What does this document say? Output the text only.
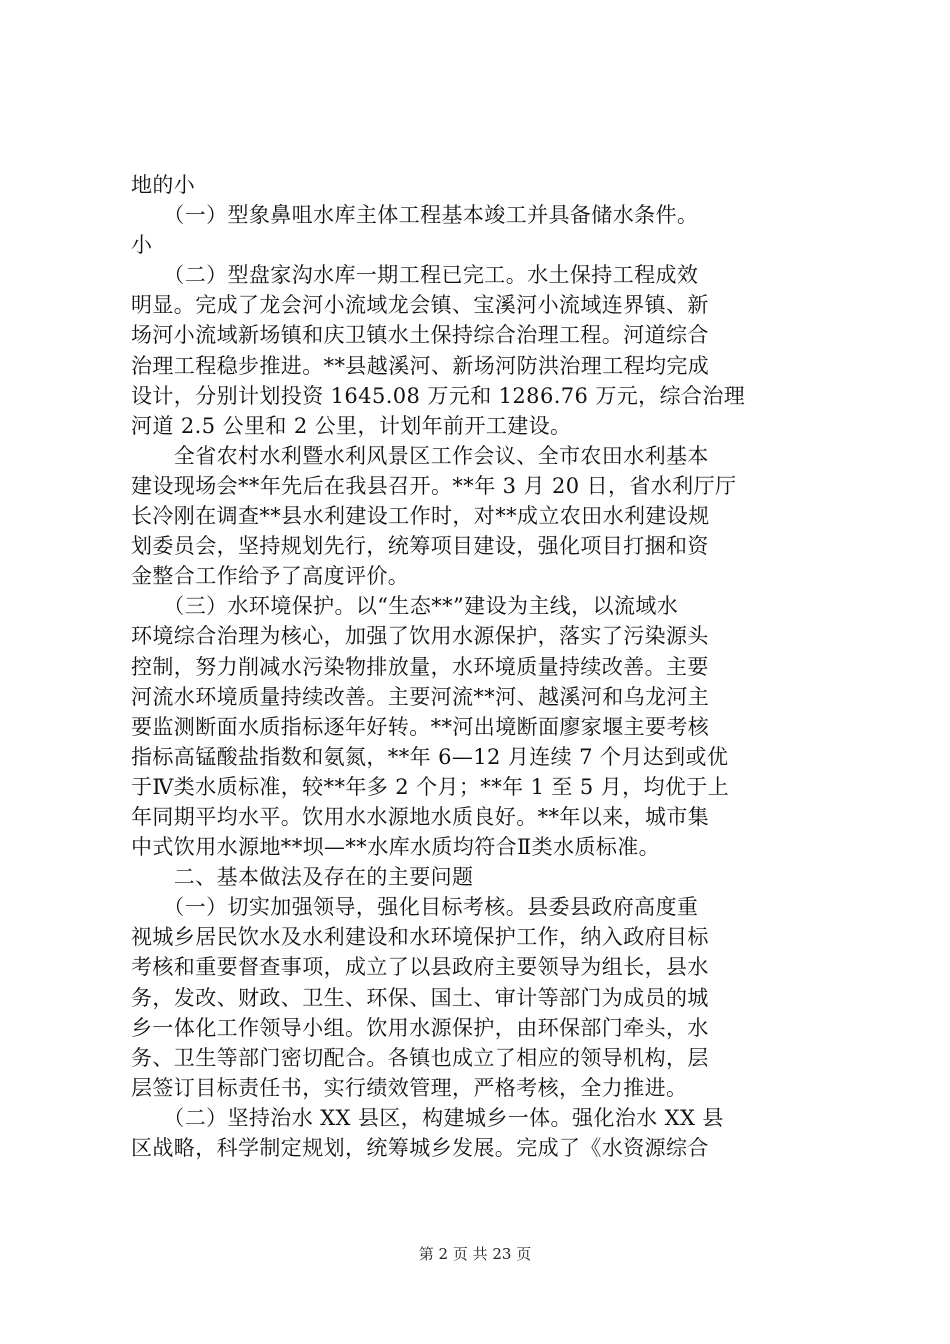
地的小
　　（一）型象鼻咀水库主体工程基本竣工并具备储水条件。
小
　　（二）型盘家沟水库一期工程已完工。水土保持工程成效
明显。完成了龙会河小流域龙会镇、宝溪河小流域连界镇、新
场河小流域新场镇和庆卫镇水土保持综合治理工程。河道综合
治理工程稳步推进。**县越溪河、新场河防洪治理工程均完成
设计，分别计划投资 1645.08 万元和 1286.76 万元，综合治理
河道 2.5 公里和 2 公里，计划年前开工建设。
　　全省农村水利暨水利风景区工作会议、全市农田水利基本
建设现场会**年先后在我县召开。**年 3 月 20 日，省水利厅厅
长冷刚在调查**县水利建设工作时，对**成立农田水利建设规
划委员会，坚持规划先行，统筹项目建设，强化项目打捆和资
金整合工作给予了高度评价。
　　（三）水环境保护。以“生态**”建设为主线，以流域水
环境综合治理为核心，加强了饮用水源保护，落实了污染源头
控制，努力削减水污染物排放量，水环境质量持续改善。主要
河流水环境质量持续改善。主要河流**河、越溪河和乌龙河主
要监测断面水质指标逐年好转。**河出境断面廖家堰主要考核
指标高锰酸盐指数和氨氮，**年 6—12 月连续 7 个月达到或优
于Ⅳ类水质标准，较**年多 2 个月；**年 1 至 5 月，均优于上
年同期平均水平。饮用水水源地水质良好。**年以来，城市集
中式饮用水源地**坝—**水库水质均符合Ⅱ类水质标准。
　　二、基本做法及存在的主要问题
　　（一）切实加强领导，强化目标考核。县委县政府高度重
视城乡居民饮水及水利建设和水环境保护工作，纳入政府目标
考核和重要督查事项，成立了以县政府主要领导为组长，县水
务，发改、财政、卫生、环保、国土、审计等部门为成员的城
乡一体化工作领导小组。饮用水源保护，由环保部门牵头，水
务、卫生等部门密切配合。各镇也成立了相应的领导机构，层
层签订目标责任书，实行绩效管理，严格考核，全力推进。
　　（二）坚持治水 XX 县区，构建城乡一体。强化治水 XX 县
区战略，科学制定规划，统筹城乡发展。完成了《水资源综合
第 2 页 共 23 页
